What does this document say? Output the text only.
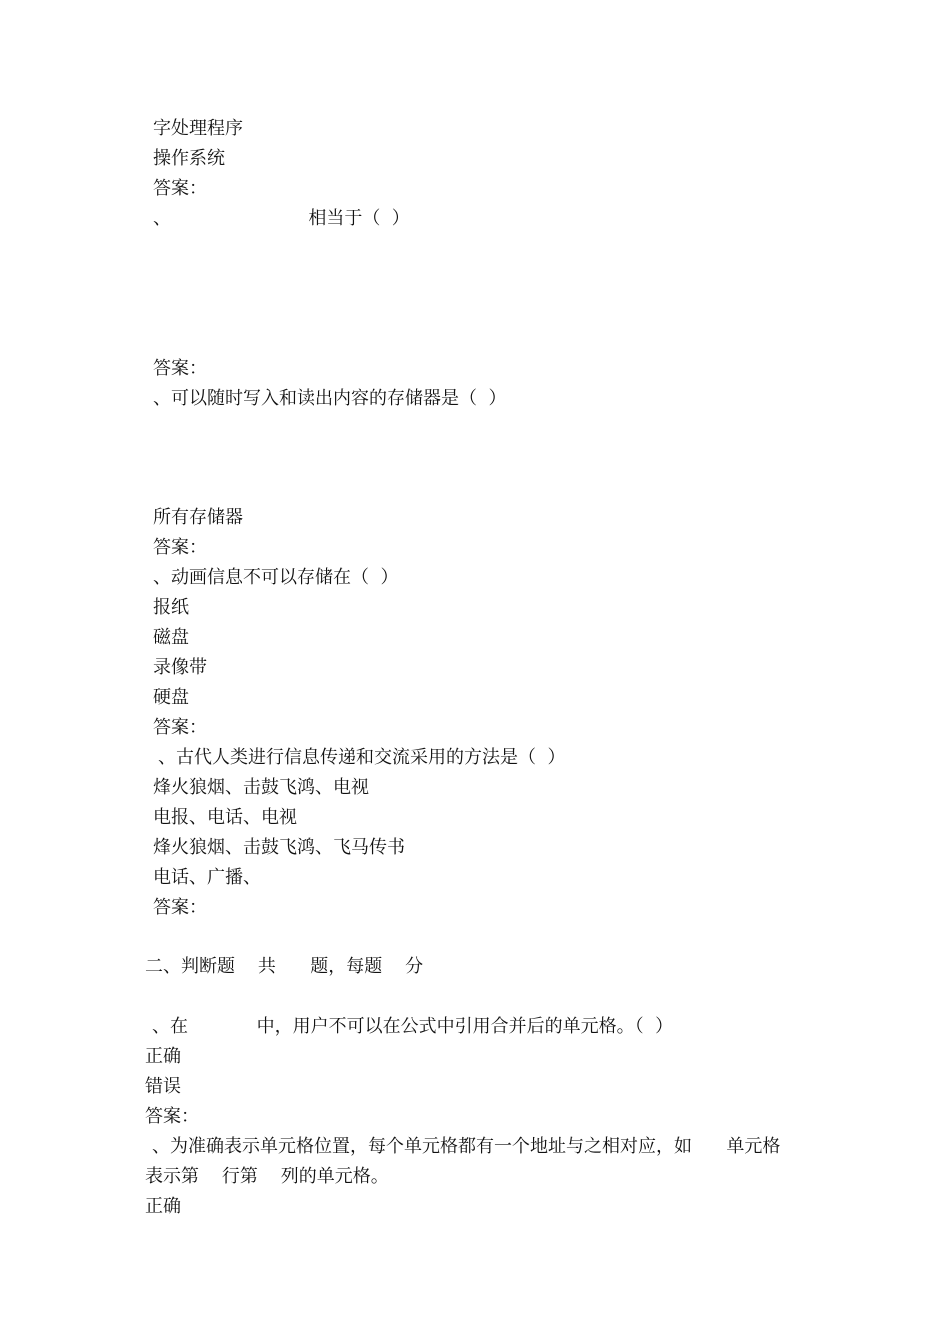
字处理程序

操作系统

答案：

、                        相当于（  ）

答案：

、可以随时写入和读出内容的存储器是（  ）

所有存储器

答案：

、动画信息不可以存储在（  ）

报纸

磁盘

录像带

硬盘

答案：

、古代人类进行信息传递和交流采用的方法是（  ）

烽火狼烟、击鼓飞鸿、电视

电报、电话、电视

烽火狼烟、击鼓飞鸿、飞马传书

电话、广播、

答案：

二、判断题    共      题，每题    分

、在            中，用户不可以在公式中引用合并后的单元格。（  ）

正确

错误

答案：

、为准确表示单元格位置，每个单元格都有一个地址与之相对应，如      单元格

表示第    行第    列的单元格。

正确
